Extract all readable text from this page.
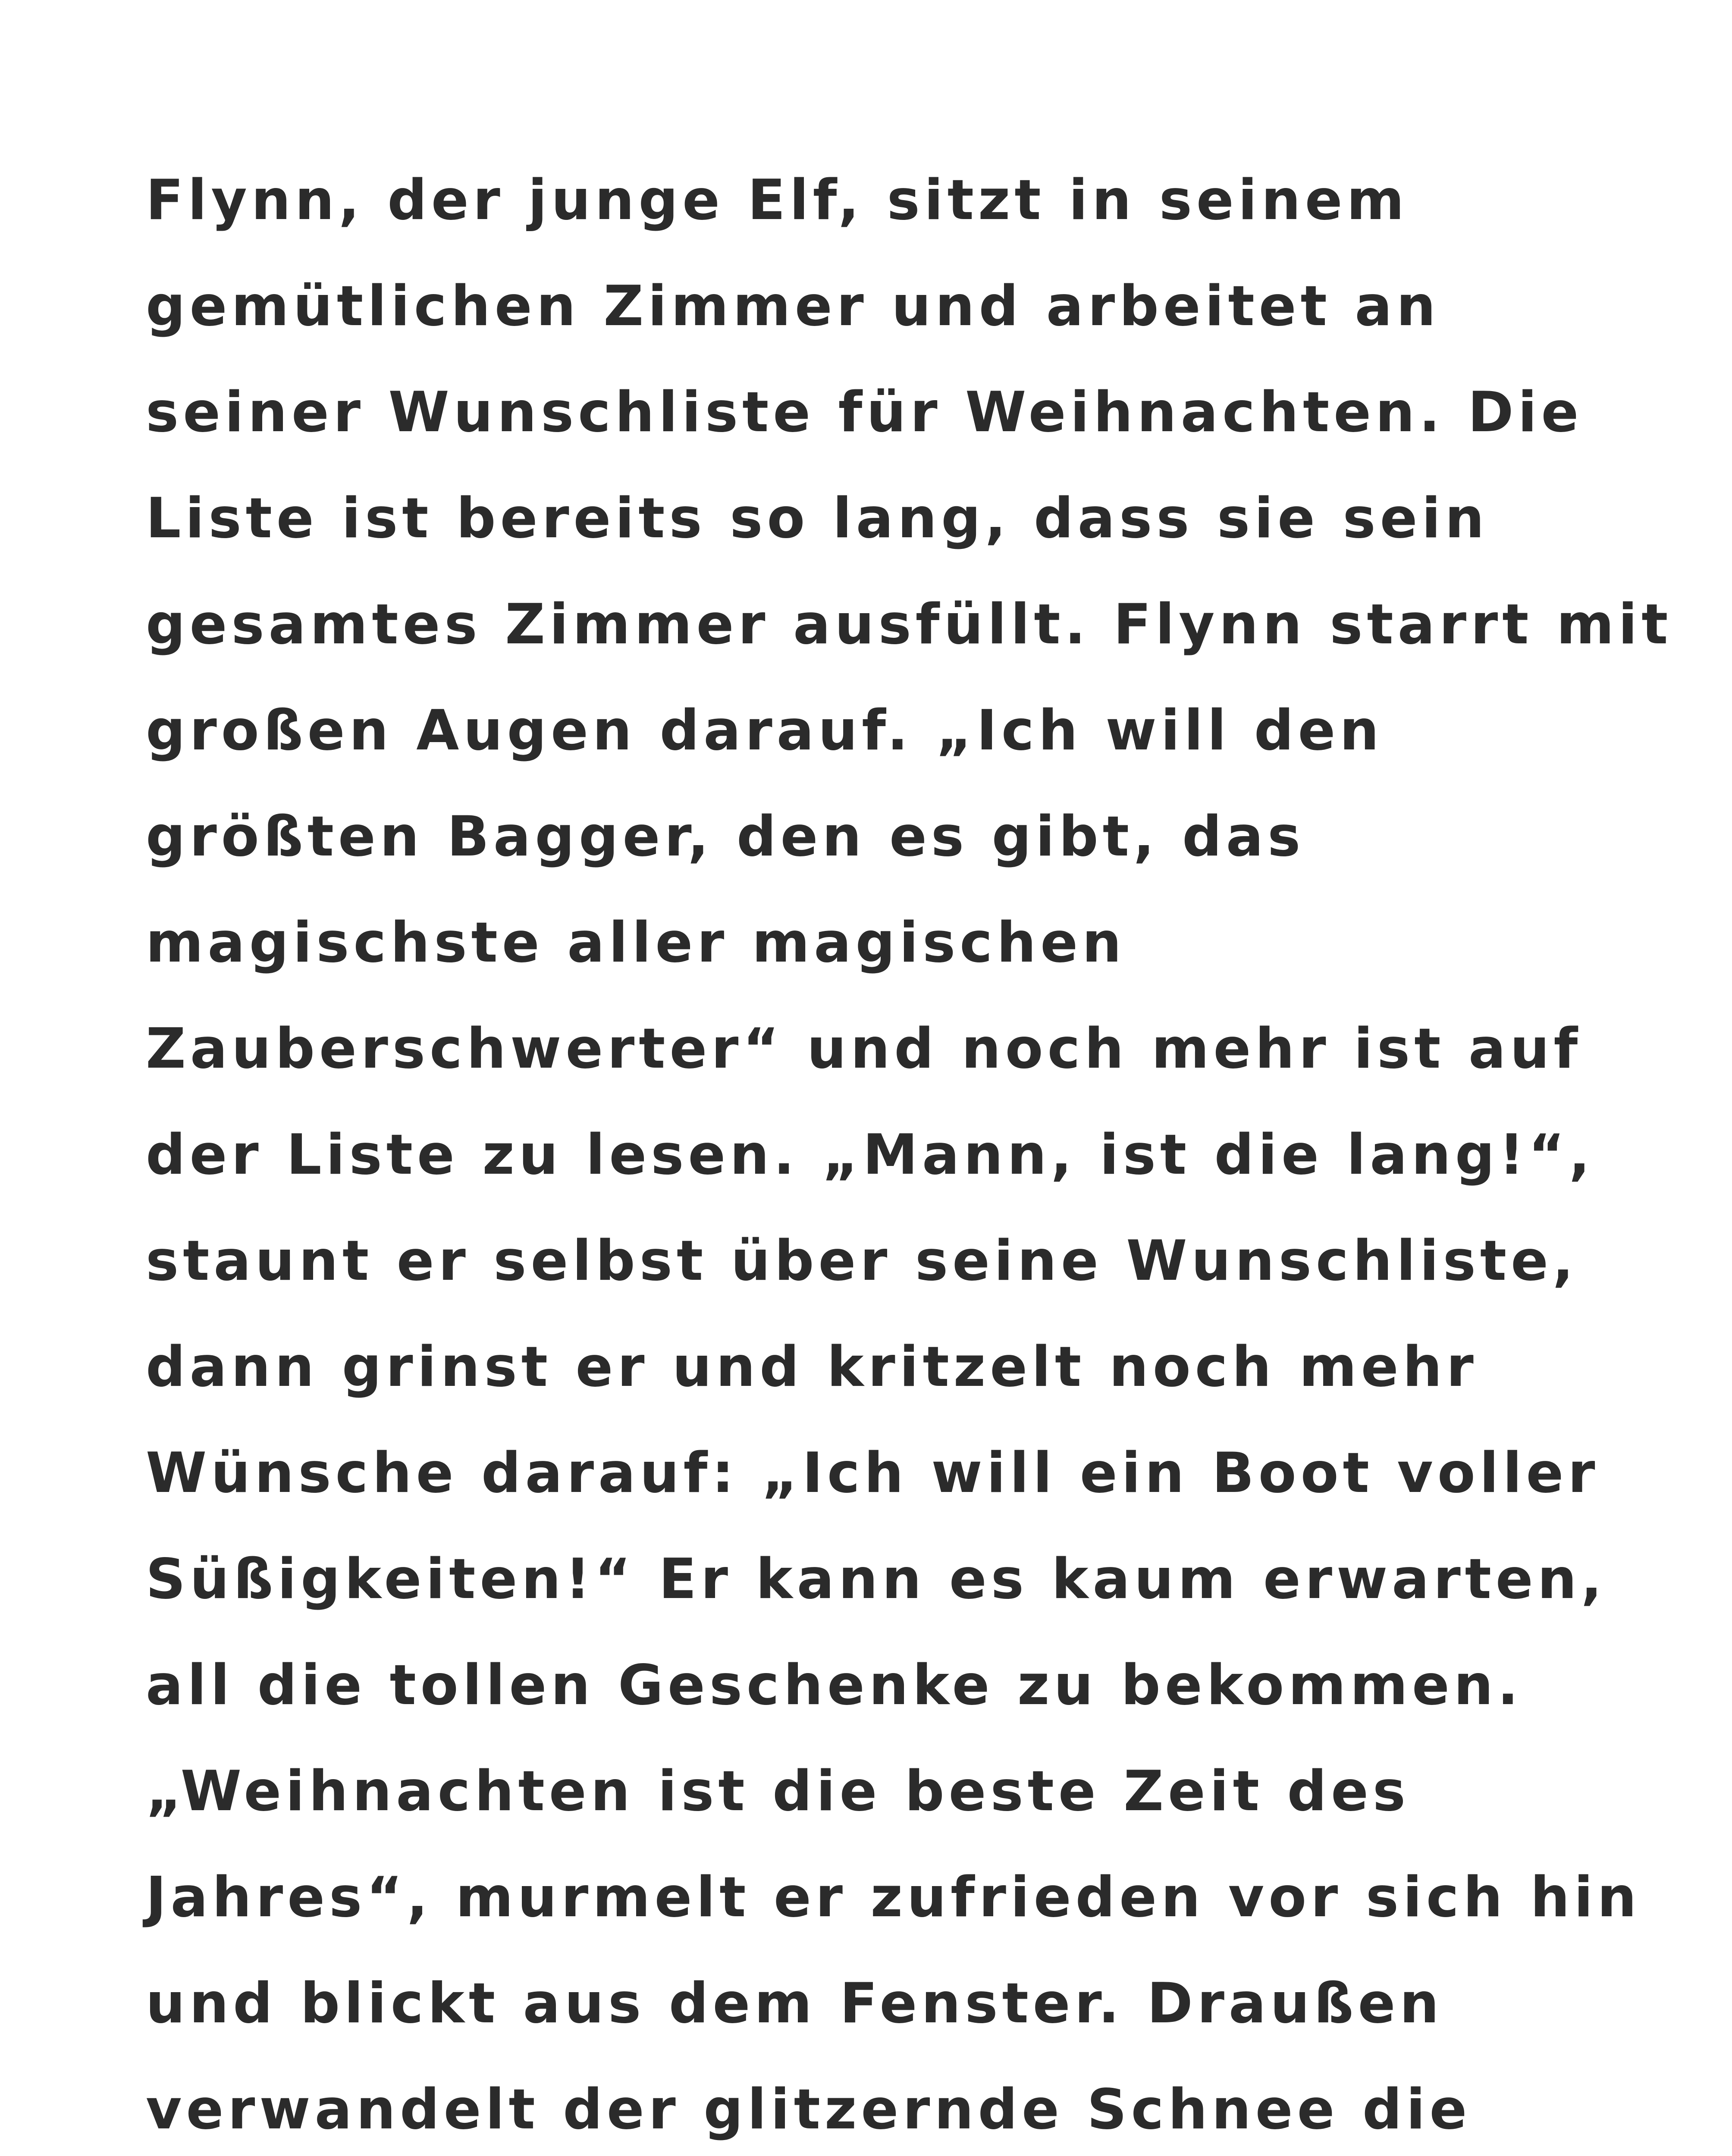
Flynn, der junge Elf, sitzt in seinem
gemütlichen Zimmer und arbeitet an
seiner Wunschliste für Weihnachten. Die
Liste ist bereits so lang, dass sie sein
gesamtes Zimmer ausfüllt. Flynn starrt mit
großen Augen darauf. „Ich will den
größten Bagger, den es gibt, das
magischste aller magischen
Zauberschwerter“ und noch mehr ist auf
der Liste zu lesen. „Mann, ist die lang!“,
staunt er selbst über seine Wunschliste,
dann grinst er und kritzelt noch mehr
Wünsche darauf: „Ich will ein Boot voller
Süßigkeiten!“ Er kann es kaum erwarten,
all die tollen Geschenke zu bekommen.
„Weihnachten ist die beste Zeit des
Jahres“, murmelt er zufrieden vor sich hin
und blickt aus dem Fenster. Draußen
verwandelt der glitzernde Schnee die
